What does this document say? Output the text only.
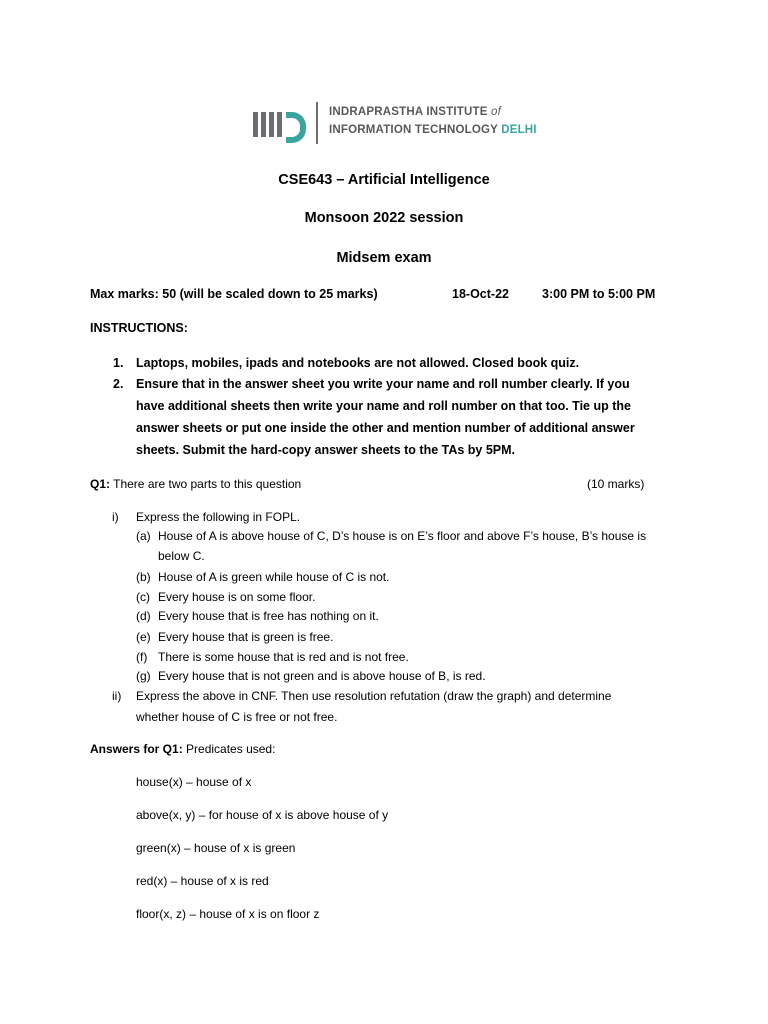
INDRAPRASTHA INSTITUTE of
INFORMATION TECHNOLOGY DELHI
CSE643 – Artificial Intelligence
Monsoon 2022 session
Midsem exam
Max marks: 50 (will be scaled down to 25 marks)	18-Oct-22	3:00 PM to 5:00 PM
INSTRUCTIONS:
1. Laptops, mobiles, ipads and notebooks are not allowed. Closed book quiz.
2. Ensure that in the answer sheet you write your name and roll number clearly. If you
have additional sheets then write your name and roll number on that too. Tie up the
answer sheets or put one inside the other and mention number of additional answer
sheets. Submit the hard-copy answer sheets to the TAs by 5PM.
Q1: There are two parts to this question	(10 marks)
i) Express the following in FOPL.
(a) House of A is above house of C, D’s house is on E’s floor and above F’s house, B’s house is
below C.
(b) House of A is green while house of C is not.
(c) Every house is on some floor.
(d) Every house that is free has nothing on it.
(e) Every house that is green is free.
(f) There is some house that is red and is not free.
(g) Every house that is not green and is above house of B, is red.
ii) Express the above in CNF. Then use resolution refutation (draw the graph) and determine
whether house of C is free or not free.
Answers for Q1: Predicates used:
house(x) – house of x
above(x, y) – for house of x is above house of y
green(x) – house of x is green
red(x) – house of x is red
floor(x, z) – house of x is on floor z
